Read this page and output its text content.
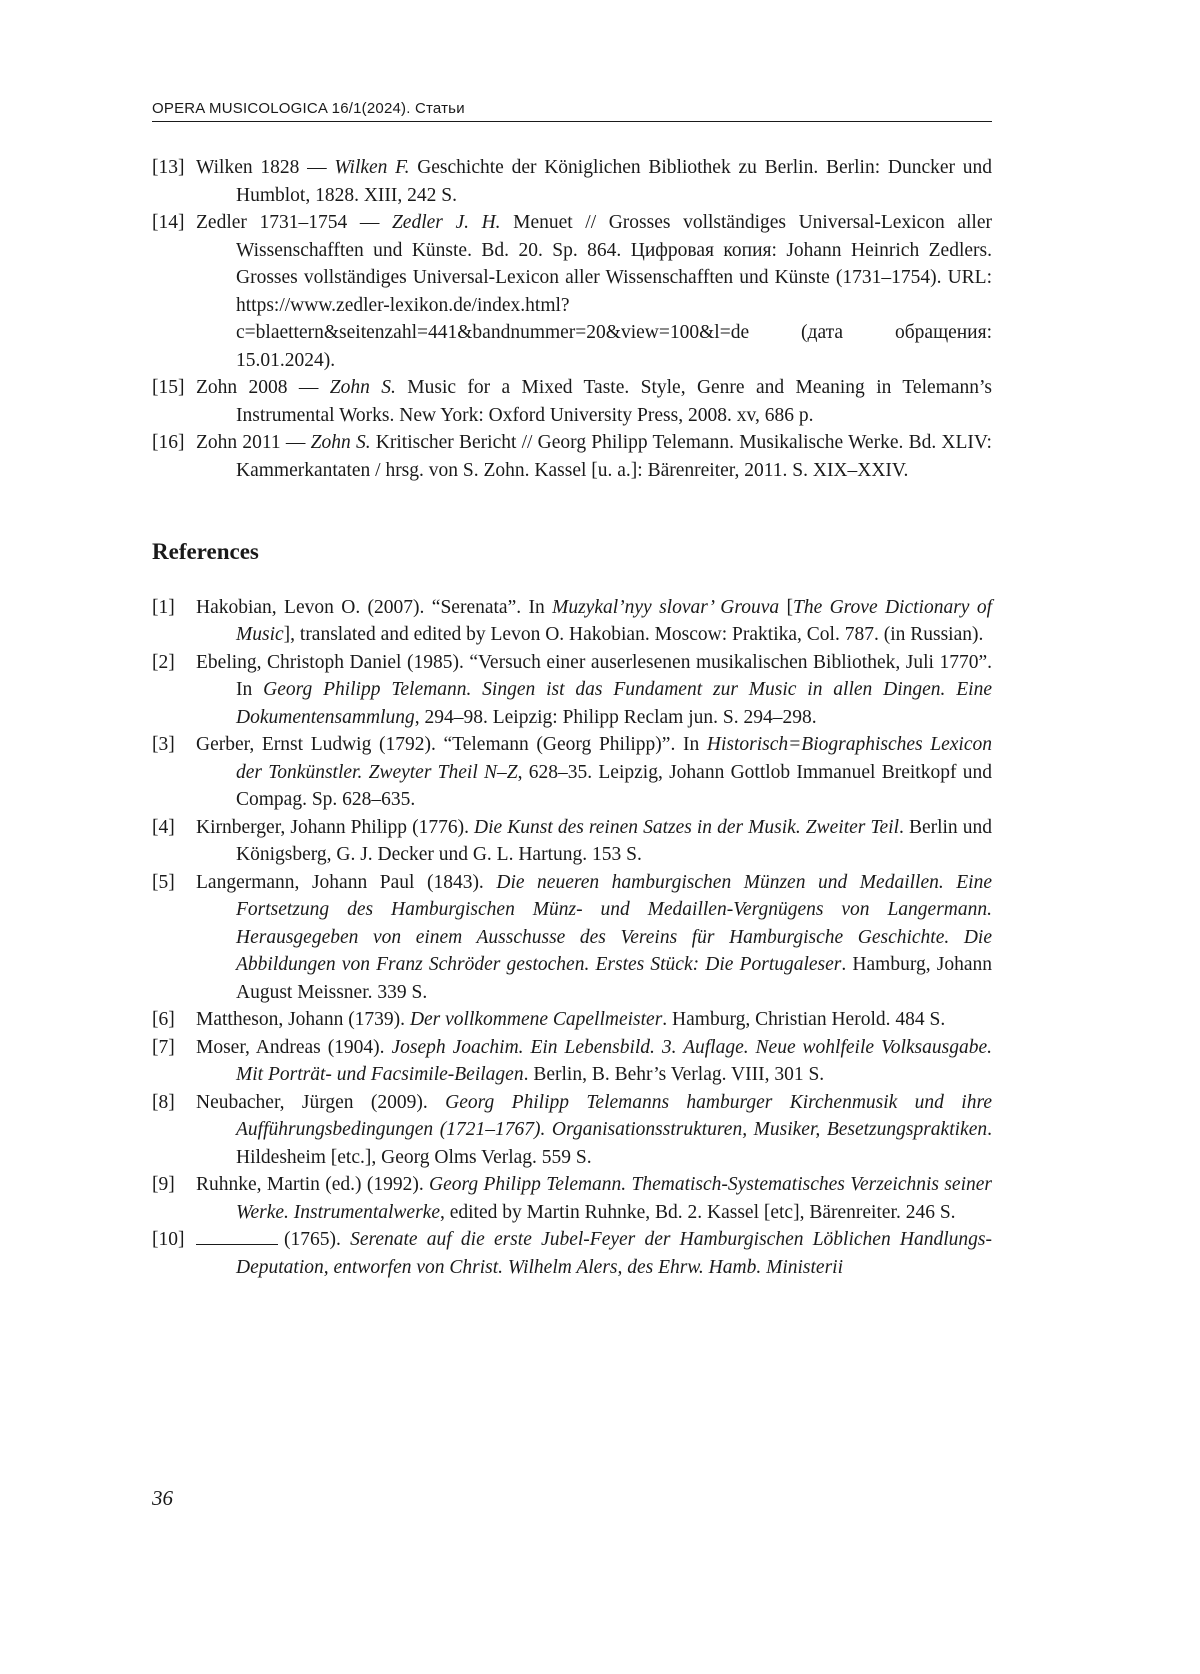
OPERA MUSICOLOGICA 16/1(2024). Статьи

[13] Wilken 1828 — Wilken F. Geschichte der Königlichen Bibliothek zu Berlin. Berlin: Duncker und Humblot, 1828. XIII, 242 S.

[14] Zedler 1731–1754 — Zedler J. H. Menuet // Grosses vollständiges Universal-Lexicon aller Wissenschafften und Künste. Bd. 20. Sp. 864. Цифровая копия: Johann Heinrich Zedlers. Grosses vollständiges Universal-Lexicon aller Wissenschafften und Künste (1731–1754). URL: https://www.zedler-lexikon.de/index.html?c=blaettern&seitenzahl=441&bandnummer=20&view=100&l=de (дата обращения: 15.01.2024).

[15] Zohn 2008 — Zohn S. Music for a Mixed Taste. Style, Genre and Meaning in Telemann’s Instrumental Works. New York: Oxford University Press, 2008. xv, 686 p.

[16] Zohn 2011 — Zohn S. Kritischer Bericht // Georg Philipp Telemann. Musikalische Werke. Bd. XLIV: Kammerkantaten / hrsg. von S. Zohn. Kassel [u. a.]: Bärenreiter, 2011. S. XIX–XXIV.

References

[1] Hakobian, Levon O. (2007). “Serenata”. In Muzykal’nyy slovar’ Grouva [The Grove Dictionary of Music], translated and edited by Levon O. Hakobian. Moscow: Praktika, Col. 787. (in Russian).

[2] Ebeling, Christoph Daniel (1985). “Versuch einer auserlesenen musikalischen Bibliothek, Juli 1770”. In Georg Philipp Telemann. Singen ist das Fundament zur Music in allen Dingen. Eine Dokumentensammlung, 294–98. Leipzig: Philipp Reclam jun. S. 294–298.

[3] Gerber, Ernst Ludwig (1792). “Telemann (Georg Philipp)”. In Historisch=Biographisches Lexicon der Tonkünstler. Zweyter Theil N–Z, 628–35. Leipzig, Johann Gottlob Immanuel Breitkopf und Compag. Sp. 628–635.

[4] Kirnberger, Johann Philipp (1776). Die Kunst des reinen Satzes in der Musik. Zweiter Teil. Berlin und Königsberg, G. J. Decker und G. L. Hartung. 153 S.

[5] Langermann, Johann Paul (1843). Die neueren hamburgischen Münzen und Medaillen. Eine Fortsetzung des Hamburgischen Münz- und Medaillen-Vergnügens von Langermann. Herausgegeben von einem Ausschusse des Vereins für Hamburgische Geschichte. Die Abbildungen von Franz Schröder gestochen. Erstes Stück: Die Portugaleser. Hamburg, Johann August Meissner. 339 S.

[6] Mattheson, Johann (1739). Der vollkommene Capellmeister. Hamburg, Christian Herold. 484 S.

[7] Moser, Andreas (1904). Joseph Joachim. Ein Lebensbild. 3. Auflage. Neue wohlfeile Volksausgabe. Mit Porträt- und Facsimile-Beilagen. Berlin, B. Behr’s Verlag. VIII, 301 S.

[8] Neubacher, Jürgen (2009). Georg Philipp Telemanns hamburger Kirchenmusik und ihre Aufführungsbedingungen (1721–1767). Organisationsstrukturen, Musiker, Besetzungspraktiken. Hildesheim [etc.], Georg Olms Verlag. 559 S.

[9] Ruhnke, Martin (ed.) (1992). Georg Philipp Telemann. Thematisch-Systematisches Verzeichnis seiner Werke. Instrumentalwerke, edited by Martin Ruhnke, Bd. 2. Kassel [etc], Bärenreiter. 246 S.

[10]	(1765). Serenate auf die erste Jubel-Feyer der Hamburgischen Löblichen Handlungs-Deputation, entworfen von Christ. Wilhelm Alers, des Ehrw. Hamb. Ministerii

36
